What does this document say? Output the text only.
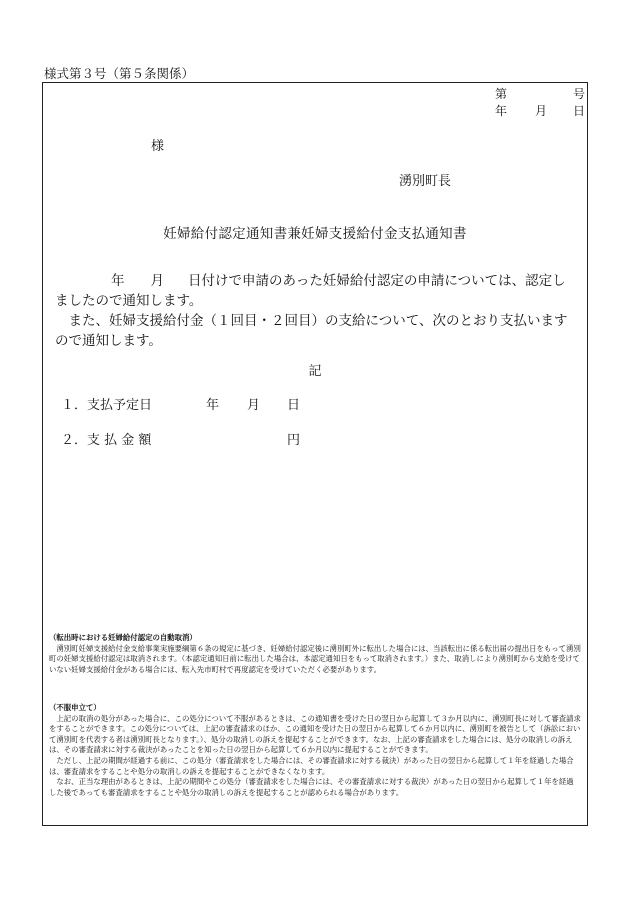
様式第３号（第５条関係）
第	号
年 月 日
様
湧別町長
妊婦給付認定通知書兼妊婦支援給付金支払通知書
年 月 日付けで申請のあった妊婦給付認定の申請については、認定しましたので通知します。
　また、妊婦支援給付金（１回目・２回目）の支給について、次のとおり支払いますので通知します。
記
１．支払予定日	年 月 日
２．支 払 金 額	円

（転出時における妊婦給付認定の自動取消）

　湧別町妊婦支援給付金支給事業実施要綱第６条の規定に基づき、妊婦給付認定後に湧別町外に転出した場合には、当該転出に係る転出届の提出日をもって湧別町の妊婦支援給付認定は取消されます。（本認定通知日前に転出した場合は、本認定通知日をもって取消されます。）また、取消しにより湧別町から支給を受けていない妊婦支援給付金がある場合には、転入先市町村で再度認定を受けていただく必要があります。

（不服申立て）

　上記の取消の処分があった場合に、この処分について不服があるときは、この通知書を受けた日の翌日から起算して３か月以内に、湧別町長に対して審査請求をすることができます。この処分については、上記の審査請求のほか、この通知を受けた日の翌日から起算して６か月以内に、湧別町を被告として（訴訟において湧別町を代表する者は湧別町長となります。）、処分の取消しの訴えを提起することができます。なお、上記の審査請求をした場合には、処分の取消しの訴えは、その審査請求に対する裁決があったことを知った日の翌日から起算して６か月以内に提起することができます。

　ただし、上記の期間が経過する前に、この処分（審査請求をした場合には、その審査請求に対する裁決）があった日の翌日から起算して１年を経過した場合は、審査請求をすることや処分の取消しの訴えを提起することができなくなります。

　なお、正当な理由があるときは、上記の期間やこの処分（審査請求をした場合には、その審査請求に対する裁決）があった日の翌日から起算して１年を経過した後であっても審査請求をすることや処分の取消しの訴えを提起することが認められる場合があります。
